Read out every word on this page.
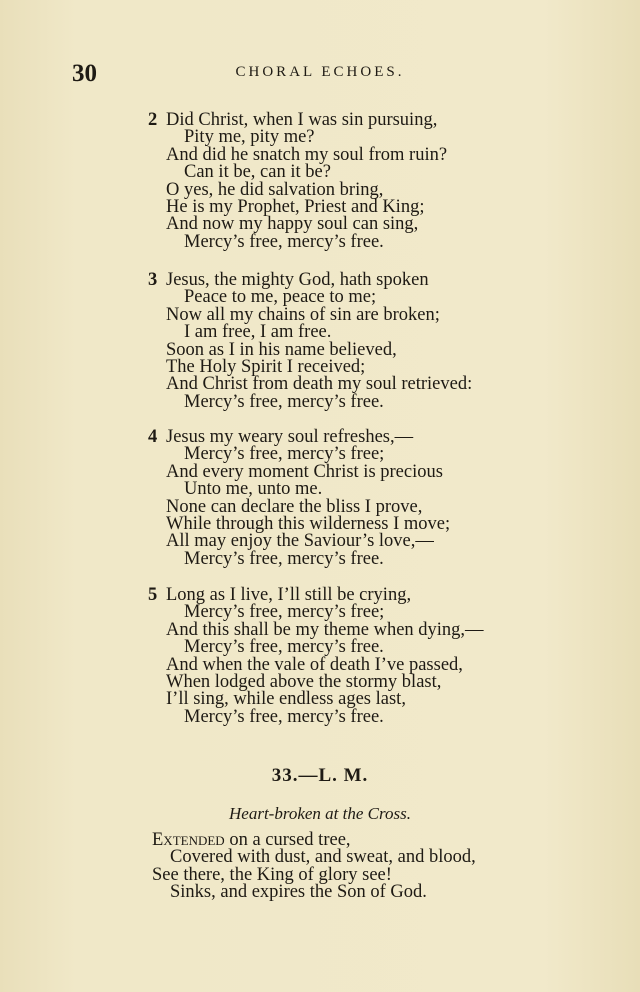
30	CHORAL ECHOES.
2 Did Christ, when I was sin pursuing,
Pity me, pity me?
And did he snatch my soul from ruin?
Can it be, can it be?
O yes, he did salvation bring,
He is my Prophet, Priest and King;
And now my happy soul can sing,
Mercy’s free, mercy’s free.
3 Jesus, the mighty God, hath spoken
Peace to me, peace to me;
Now all my chains of sin are broken;
I am free, I am free.
Soon as I in his name believed,
The Holy Spirit I received;
And Christ from death my soul retrieved:
Mercy’s free, mercy’s free.
4 Jesus my weary soul refreshes,—
Mercy’s free, mercy’s free;
And every moment Christ is precious
Unto me, unto me.
None can declare the bliss I prove,
While through this wilderness I move;
All may enjoy the Saviour’s love,—
Mercy’s free, mercy’s free.
5 Long as I live, I’ll still be crying,
Mercy’s free, mercy’s free;
And this shall be my theme when dying,—
Mercy’s free, mercy’s free.
And when the vale of death I’ve passed,
When lodged above the stormy blast,
I’ll sing, while endless ages last,
Mercy’s free, mercy’s free.
33.—L. M.
Heart-broken at the Cross.
Extended on a cursed tree,
Covered with dust, and sweat, and blood,
See there, the King of glory see!
Sinks, and expires the Son of God.
